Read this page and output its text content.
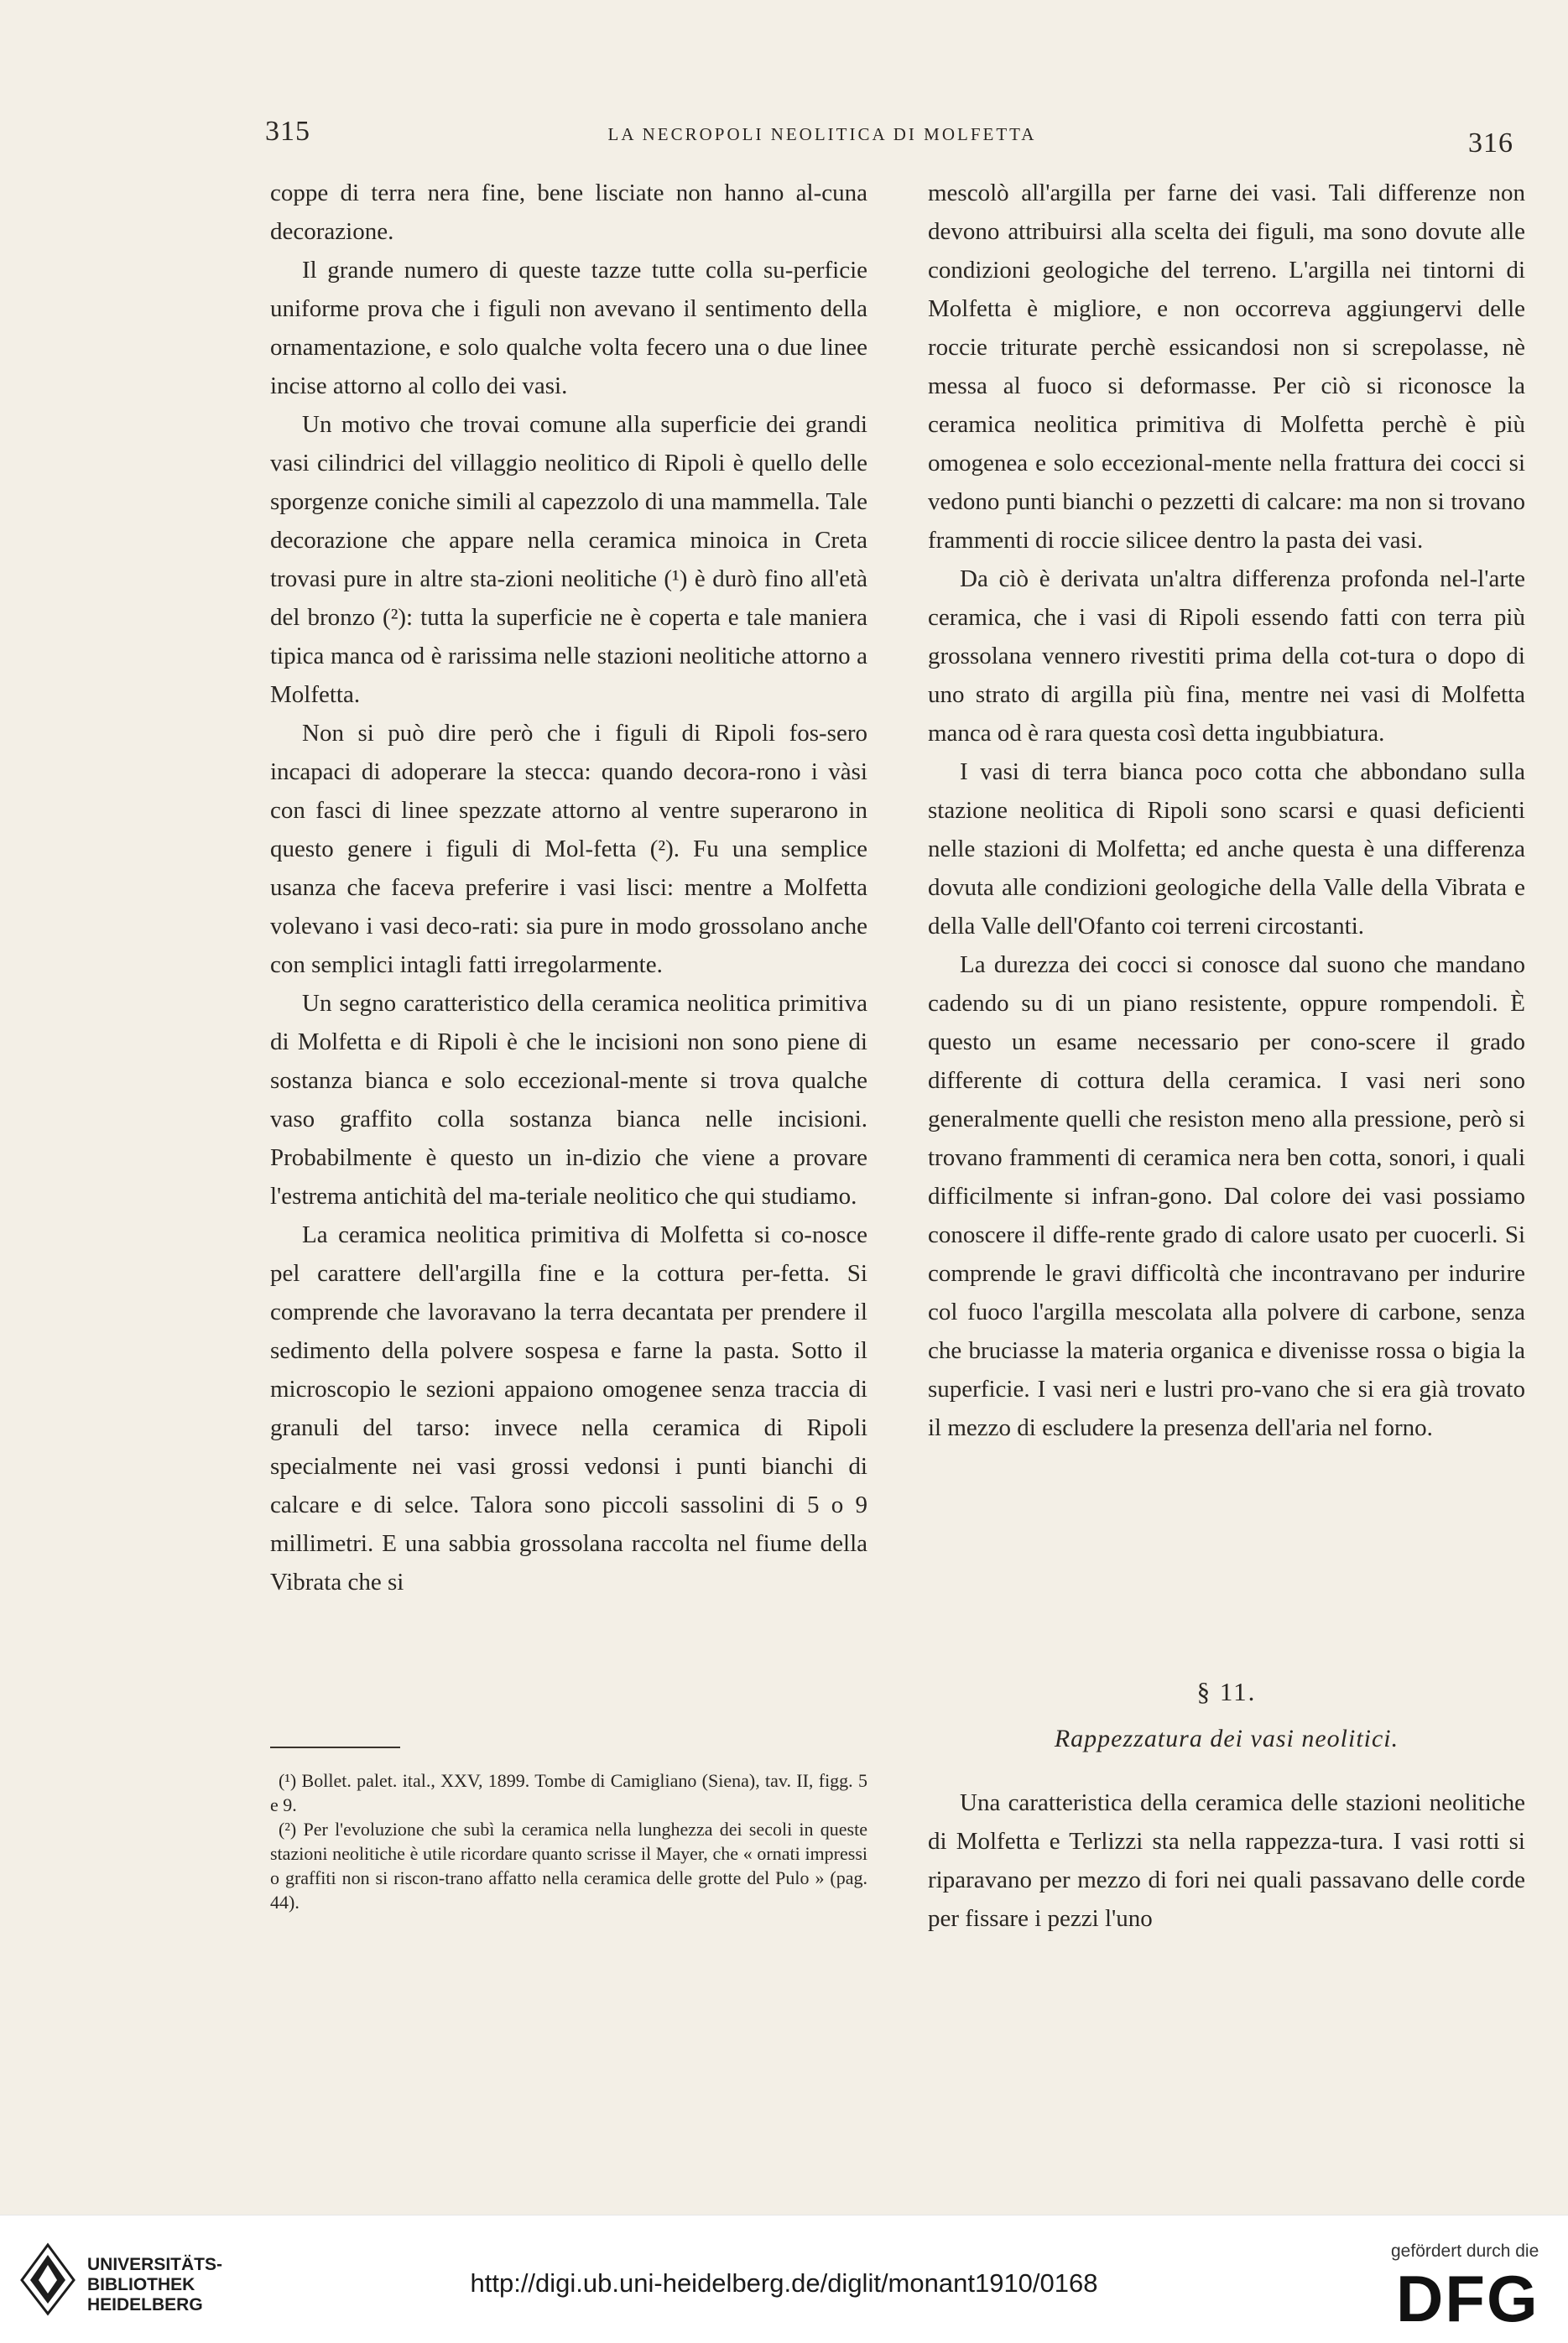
315	LA NECROPOLI NEOLITICA DI MOLFETTA	316

coppe di terra nera fine, bene lisciate non hanno al-cuna decorazione.

Il grande numero di queste tazze tutte colla su-perficie uniforme prova che i figuli non avevano il sentimento della ornamentazione, e solo qualche volta fecero una o due linee incise attorno al collo dei vasi.

Un motivo che trovai comune alla superficie dei grandi vasi cilindrici del villaggio neolitico di Ripoli è quello delle sporgenze coniche simili al capezzolo di una mammella. Tale decorazione che appare nella ceramica minoica in Creta trovasi pure in altre sta-zioni neolitiche (¹) è durò fino all'età del bronzo (²): tutta la superficie ne è coperta e tale maniera tipica manca od è rarissima nelle stazioni neolitiche attorno a Molfetta.

Non si può dire però che i figuli di Ripoli fos-sero incapaci di adoperare la stecca: quando decora-rono i vàsi con fasci di linee spezzate attorno al ventre superarono in questo genere i figuli di Mol-fetta (²). Fu una semplice usanza che faceva preferire i vasi lisci: mentre a Molfetta volevano i vasi deco-rati: sia pure in modo grossolano anche con semplici intagli fatti irregolarmente.

Un segno caratteristico della ceramica neolitica primitiva di Molfetta e di Ripoli è che le incisioni non sono piene di sostanza bianca e solo eccezional-mente si trova qualche vaso graffito colla sostanza bianca nelle incisioni. Probabilmente è questo un in-dizio che viene a provare l'estrema antichità del ma-teriale neolitico che qui studiamo.

La ceramica neolitica primitiva di Molfetta si co-nosce pel carattere dell'argilla fine e la cottura per-fetta. Si comprende che lavoravano la terra decantata per prendere il sedimento della polvere sospesa e farne la pasta. Sotto il microscopio le sezioni appaiono omogenee senza traccia di granuli del tarso: invece nella ceramica di Ripoli specialmente nei vasi grossi vedonsi i punti bianchi di calcare e di selce. Talora sono piccoli sassolini di 5 o 9 millimetri. E una sabbia grossolana raccolta nel fiume della Vibrata che si

(¹) Bollet. palet. ital., XXV, 1899. Tombe di Camigliano (Siena), tav. II, figg. 5 e 9.

(²) Per l'evoluzione che subì la ceramica nella lunghezza dei secoli in queste stazioni neolitiche è utile ricordare quanto scrisse il Mayer, che « ornati impressi o graffiti non si riscon-trano affatto nella ceramica delle grotte del Pulo » (pag. 44).

mescolò all'argilla per farne dei vasi. Tali differenze non devono attribuirsi alla scelta dei figuli, ma sono dovute alle condizioni geologiche del terreno. L'argilla nei tintorni di Molfetta è migliore, e non occorreva aggiungervi delle roccie triturate perchè essicandosi non si screpolasse, nè messa al fuoco si deformasse. Per ciò si riconosce la ceramica neolitica primitiva di Molfetta perchè è più omogenea e solo eccezional-mente nella frattura dei cocci si vedono punti bianchi o pezzetti di calcare: ma non si trovano frammenti di roccie silicee dentro la pasta dei vasi.

Da ciò è derivata un'altra differenza profonda nel-l'arte ceramica, che i vasi di Ripoli essendo fatti con terra più grossolana vennero rivestiti prima della cot-tura o dopo di uno strato di argilla più fina, mentre nei vasi di Molfetta manca od è rara questa così detta ingubbiatura.

I vasi di terra bianca poco cotta che abbondano sulla stazione neolitica di Ripoli sono scarsi e quasi deficienti nelle stazioni di Molfetta; ed anche questa è una differenza dovuta alle condizioni geologiche della Valle della Vibrata e della Valle dell'Ofanto coi terreni circostanti.

La durezza dei cocci si conosce dal suono che mandano cadendo su di un piano resistente, oppure rompendoli. È questo un esame necessario per cono-scere il grado differente di cottura della ceramica. I vasi neri sono generalmente quelli che resiston meno alla pressione, però si trovano frammenti di ceramica nera ben cotta, sonori, i quali difficilmente si infran-gono. Dal colore dei vasi possiamo conoscere il diffe-rente grado di calore usato per cuocerli. Si comprende le gravi difficoltà che incontravano per indurire col fuoco l'argilla mescolata alla polvere di carbone, senza che bruciasse la materia organica e divenisse rossa o bigia la superficie. I vasi neri e lustri pro-vano che si era già trovato il mezzo di escludere la presenza dell'aria nel forno.

§ 11.
Rappezzatura dei vasi neolitici.

Una caratteristica della ceramica delle stazioni neolitiche di Molfetta e Terlizzi sta nella rappezza-tura. I vasi rotti si riparavano per mezzo di fori nei quali passavano delle corde per fissare i pezzi l'uno

UNIVERSITÄTS-
BIBLIOTHEK
HEIDELBERG
http://digi.ub.uni-heidelberg.de/diglit/monant1910/0168
gefördert durch die
DFG
